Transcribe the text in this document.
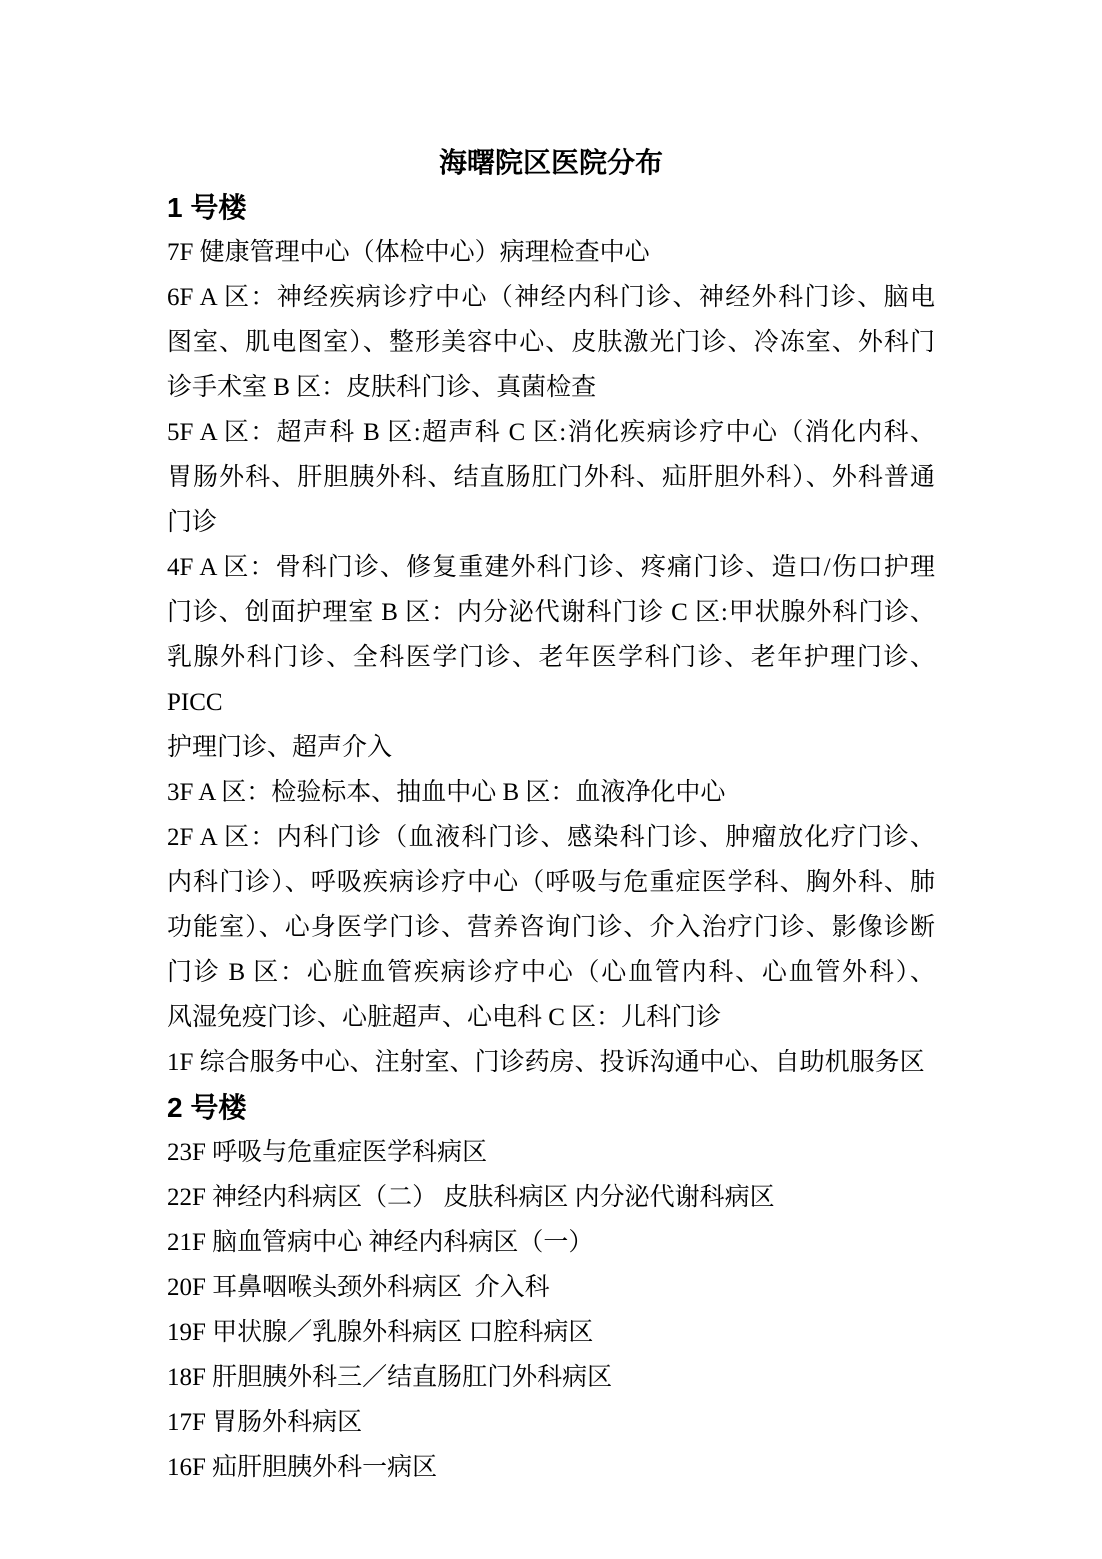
海曙院区医院分布
1 号楼
7F 健康管理中心（体检中心）病理检查中心
6F A 区：神经疾病诊疗中心（神经内科门诊、神经外科门诊、脑电
图室、肌电图室）、整形美容中心、皮肤激光门诊、冷冻室、外科门
诊手术室 B 区：皮肤科门诊、真菌检查
5F A 区：超声科 B 区:超声科 C 区:消化疾病诊疗中心（消化内科、
胃肠外科、肝胆胰外科、结直肠肛门外科、疝肝胆外科）、外科普通
门诊
4F A 区：骨科门诊、修复重建外科门诊、疼痛门诊、造口/伤口护理
门诊、创面护理室 B 区：内分泌代谢科门诊 C 区:甲状腺外科门诊、
乳腺外科门诊、全科医学门诊、老年医学科门诊、老年护理门诊、PICC
护理门诊、超声介入
3F A 区：检验标本、抽血中心 B 区：血液净化中心
2F A 区：内科门诊（血液科门诊、感染科门诊、肿瘤放化疗门诊、
内科门诊）、呼吸疾病诊疗中心（呼吸与危重症医学科、胸外科、肺
功能室）、心身医学门诊、营养咨询门诊、介入治疗门诊、影像诊断
门诊 B 区：心脏血管疾病诊疗中心（心血管内科、心血管外科）、
风湿免疫门诊、心脏超声、心电科 C 区：儿科门诊
1F 综合服务中心、注射室、门诊药房、投诉沟通中心、自助机服务区
2 号楼
23F 呼吸与危重症医学科病区
22F 神经内科病区（二） 皮肤科病区 内分泌代谢科病区
21F 脑血管病中心 神经内科病区（一）
20F 耳鼻咽喉头颈外科病区  介入科
19F 甲状腺／乳腺外科病区 口腔科病区
18F 肝胆胰外科三／结直肠肛门外科病区
17F 胃肠外科病区
16F 疝肝胆胰外科一病区
